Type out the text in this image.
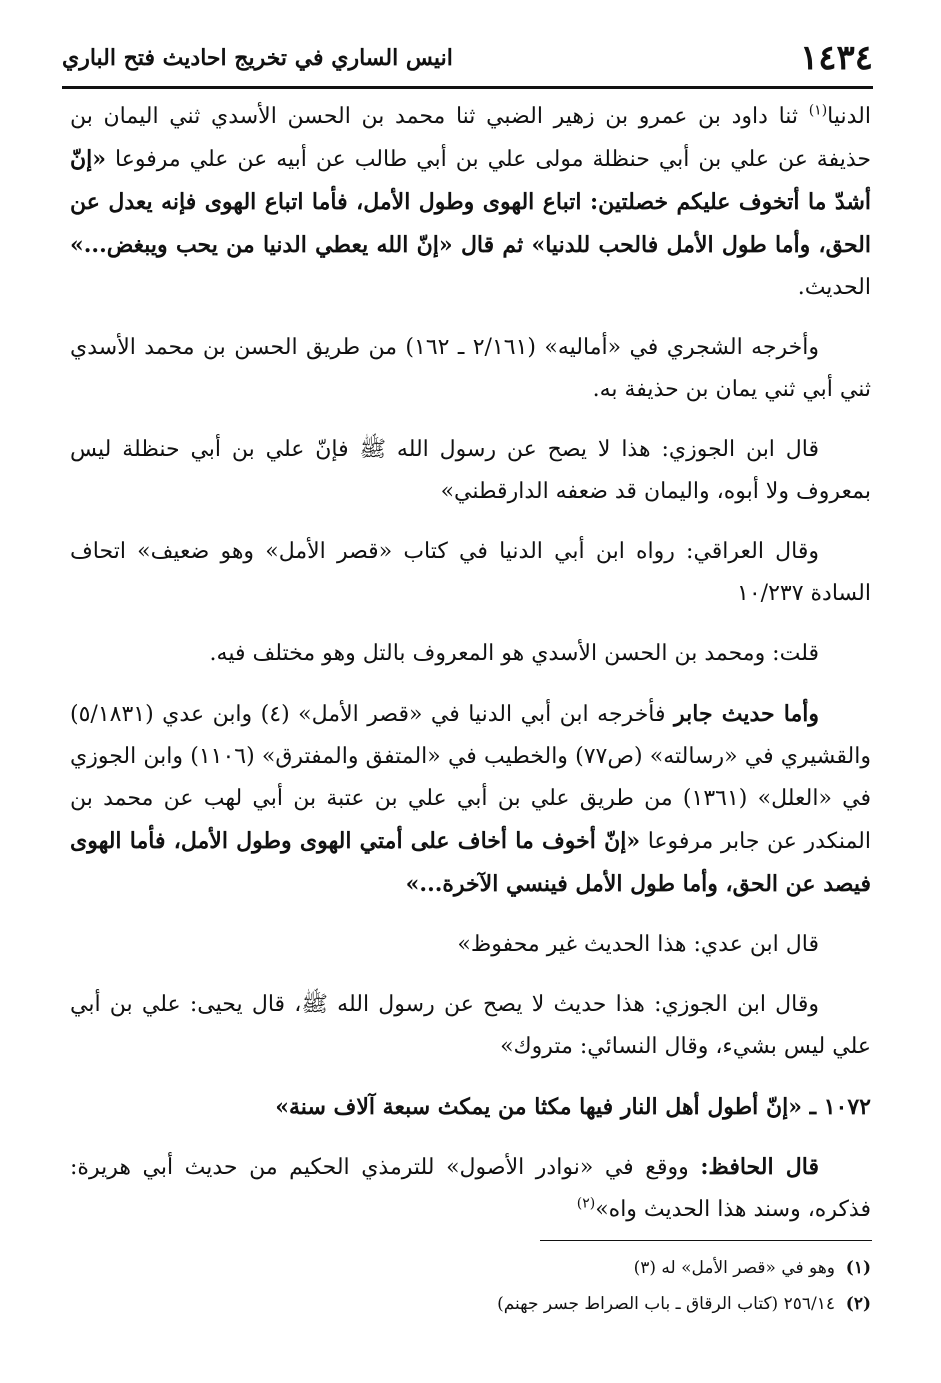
١٤٣٤
انيس الساري في تخريج احاديث فتح الباري

الدنيا$^{(١)}$ ثنا داود بن عمرو بن زهير الضبي ثنا محمد بن الحسن الأسدي ثني اليمان بن حذيفة عن علي بن أبي حنظلة مولى علي بن أبي طالب عن أبيه عن علي مرفوعا «إنّ أشدّ ما أتخوف عليكم خصلتين: اتباع الهوى وطول الأمل، فأما اتباع الهوى فإنه يعدل عن الحق، وأما طول الأمل فالحب للدنيا» ثم قال «إنّ الله يعطي الدنيا من يحب ويبغض...» الحديث.

وأخرجه الشجري في «أماليه» (٢/١٦١ ـ ١٦٢) من طريق الحسن بن محمد الأسدي ثني أبي ثني يمان بن حذيفة به.

قال ابن الجوزي: هذا لا يصح عن رسول الله ﷺ فإنّ علي بن أبي حنظلة ليس بمعروف ولا أبوه، واليمان قد ضعفه الدارقطني»

وقال العراقي: رواه ابن أبي الدنيا في كتاب «قصر الأمل» وهو ضعيف» اتحاف السادة ١٠/٢٣٧

قلت: ومحمد بن الحسن الأسدي هو المعروف بالتل وهو مختلف فيه.

وأما حديث جابر فأخرجه ابن أبي الدنيا في «قصر الأمل» (٤) وابن عدي (٥/١٨٣١) والقشيري في «رسالته» (ص٧٧) والخطيب في «المتفق والمفترق» (١١٠٦) وابن الجوزي في «العلل» (١٣٦١) من طريق علي بن أبي علي بن عتبة بن أبي لهب عن محمد بن المنكدر عن جابر مرفوعا «إنّ أخوف ما أخاف على أمتي الهوى وطول الأمل، فأما الهوى فيصد عن الحق، وأما طول الأمل فينسي الآخرة...»

قال ابن عدي: هذا الحديث غير محفوظ»

وقال ابن الجوزي: هذا حديث لا يصح عن رسول الله ﷺ، قال يحيى: علي بن أبي علي ليس بشيء، وقال النسائي: متروك»

١٠٧٢ ـ «إنّ أطول أهل النار فيها مكثا من يمكث سبعة آلاف سنة»

قال الحافظ: ووقع في «نوادر الأصول» للترمذي الحكيم من حديث أبي هريرة: فذكره، وسند هذا الحديث واه»$^{(٢)}$

(١)وهو في «قصر الأمل» له (٣)

(٢)٢٥٦/١٤ (كتاب الرقاق ـ باب الصراط جسر جهنم)
